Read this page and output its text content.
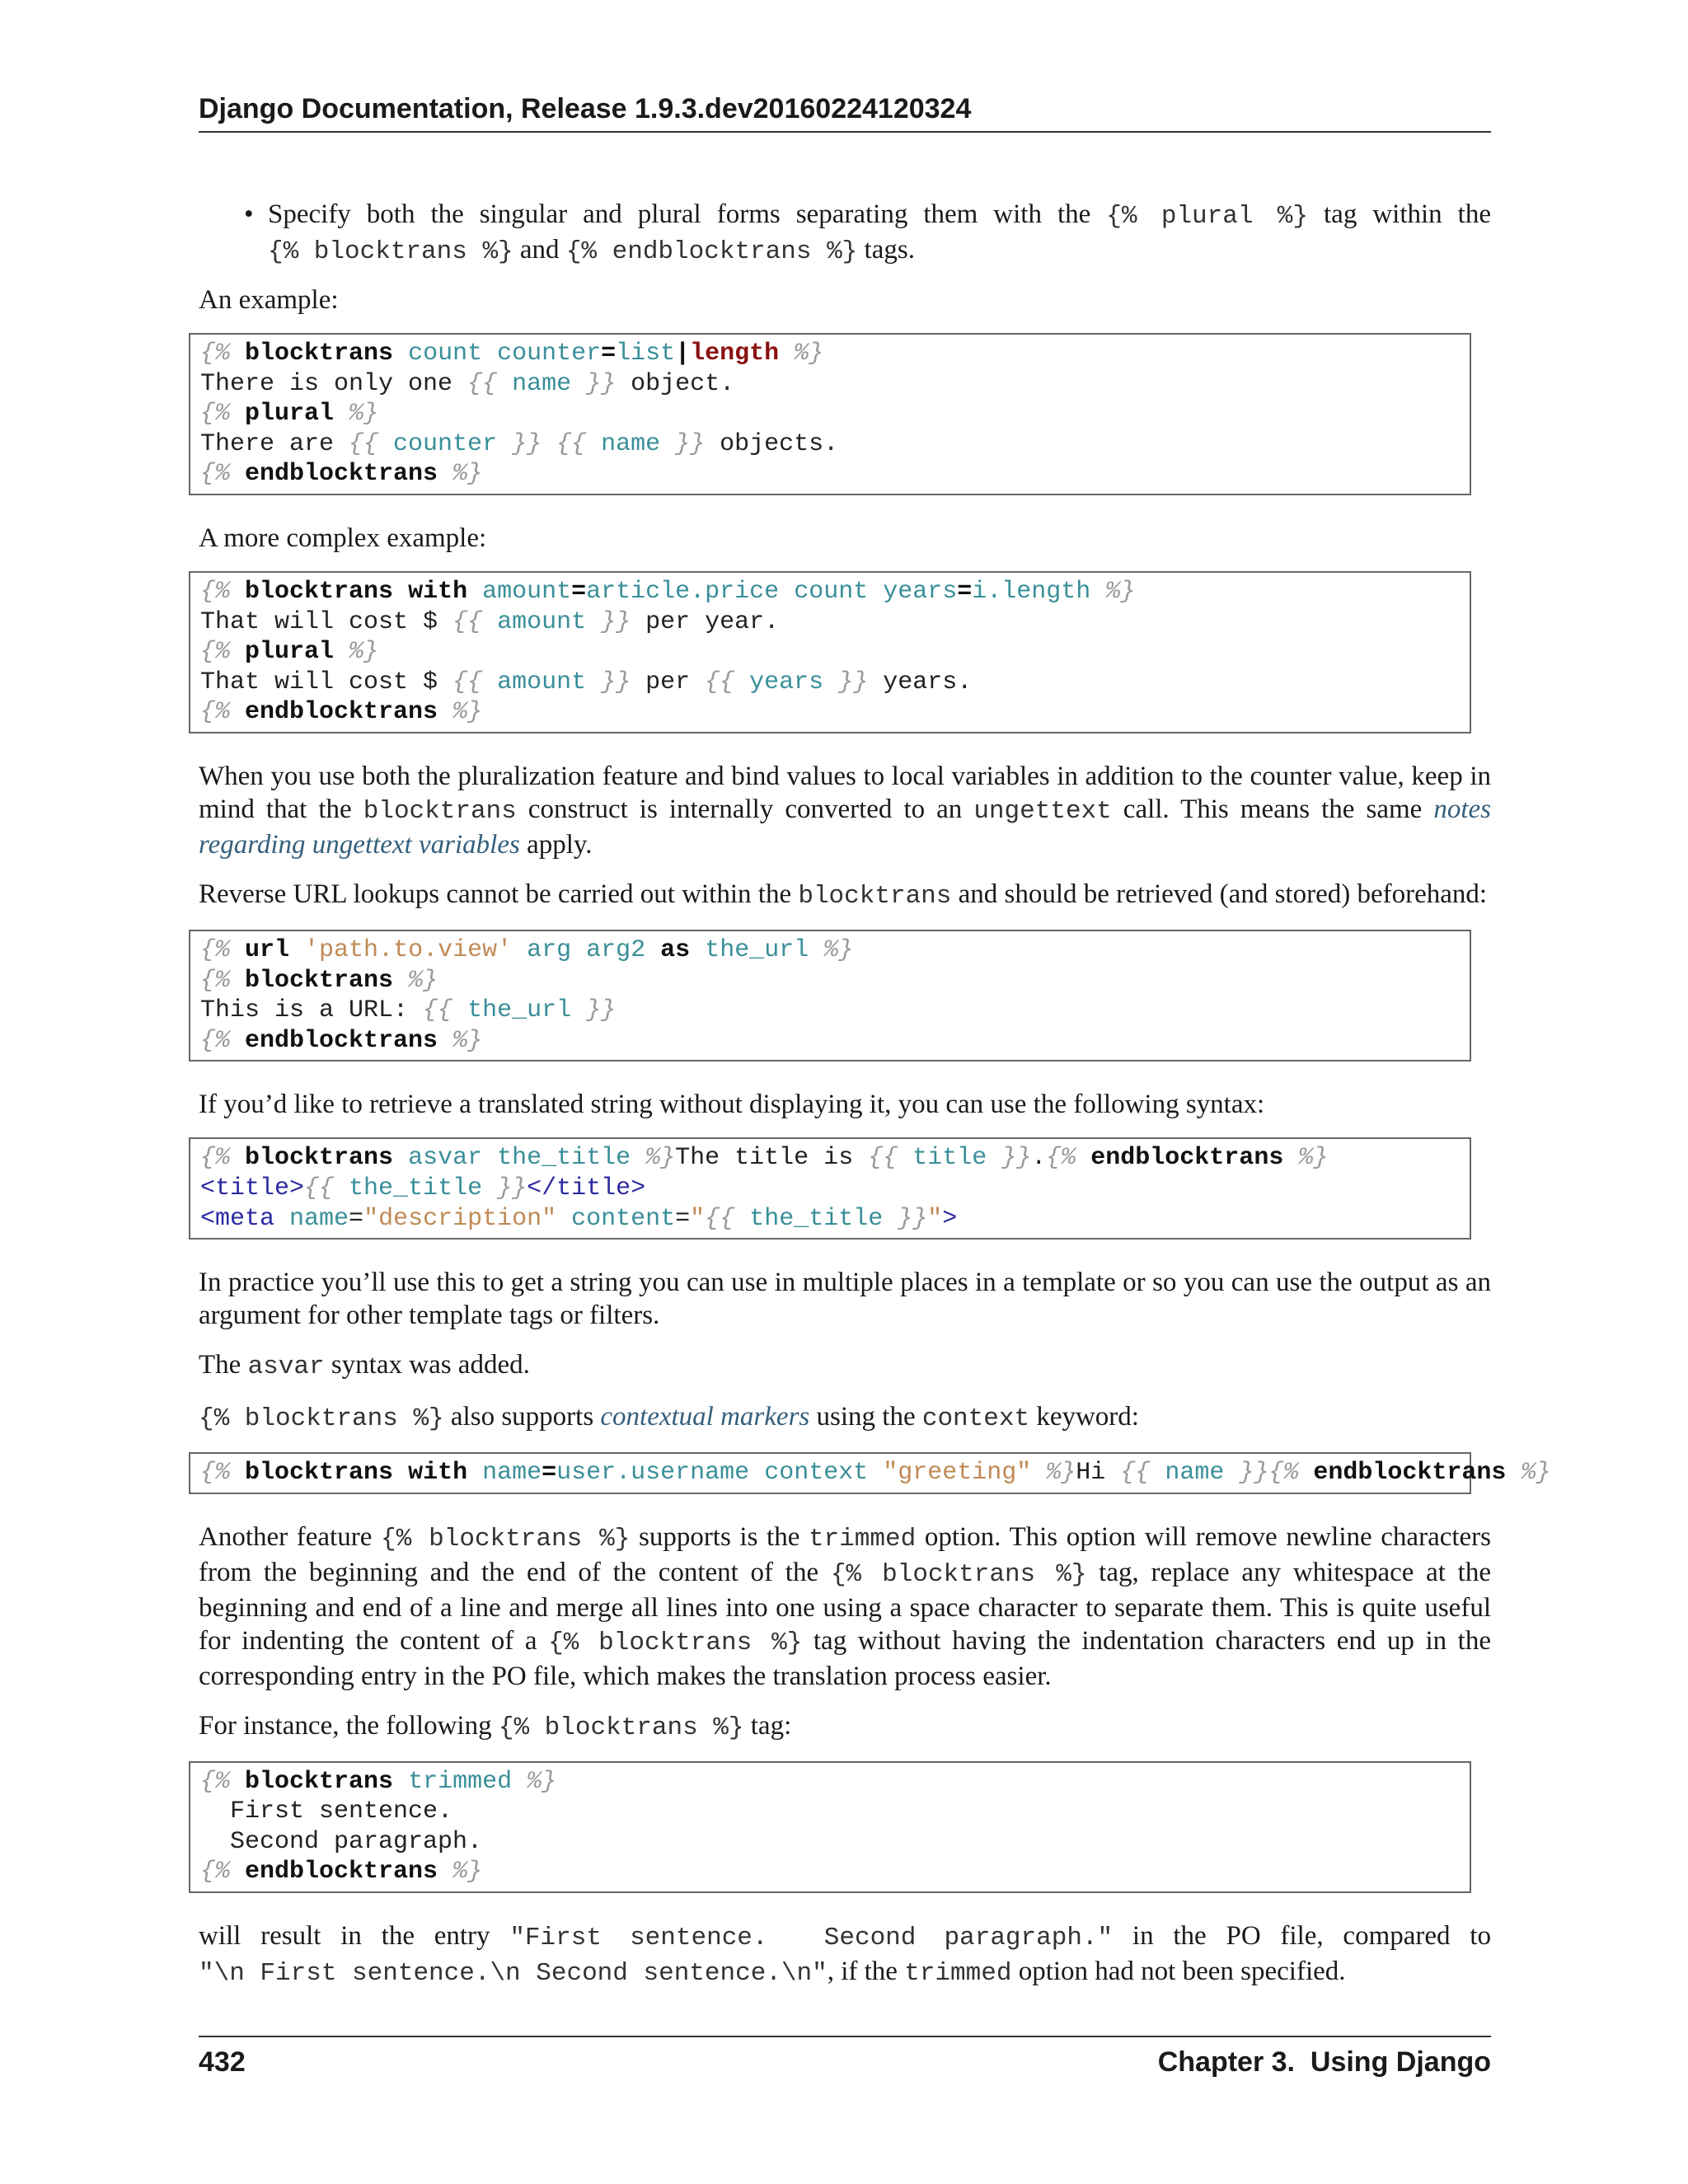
Django Documentation, Release 1.9.3.dev20160224120324
• Specify both the singular and plural forms separating them with the {% plural %} tag within the {% blocktrans %} and {% endblocktrans %} tags.

An example:

{% blocktrans count counter=list|length %}
There is only one {{ name }} object.
{% plural %}
There are {{ counter }} {{ name }} objects.
{% endblocktrans %}

A more complex example:

{% blocktrans with amount=article.price count years=i.length %}
That will cost $ {{ amount }} per year.
{% plural %}
That will cost $ {{ amount }} per {{ years }} years.
{% endblocktrans %}

When you use both the pluralization feature and bind values to local variables in addition to the counter value, keep in mind that the blocktrans construct is internally converted to an ungettext call. This means the same notes regarding ungettext variables apply.

Reverse URL lookups cannot be carried out within the blocktrans and should be retrieved (and stored) beforehand:

{% url 'path.to.view' arg arg2 as the_url %}
{% blocktrans %}
This is a URL: {{ the_url }}
{% endblocktrans %}

If you’d like to retrieve a translated string without displaying it, you can use the following syntax:

{% blocktrans asvar the_title %}The title is {{ title }}.{% endblocktrans %}
<title>{{ the_title }}</title>
<meta name="description" content="{{ the_title }}">

In practice you’ll use this to get a string you can use in multiple places in a template or so you can use the output as an argument for other template tags or filters.

The asvar syntax was added.

{% blocktrans %} also supports contextual markers using the context keyword:

{% blocktrans with name=user.username context "greeting" %}Hi {{ name }}{% endblocktrans %}

Another feature {% blocktrans %} supports is the trimmed option. This option will remove newline characters from the beginning and the end of the content of the {% blocktrans %} tag, replace any whitespace at the beginning and end of a line and merge all lines into one using a space character to separate them. This is quite useful for indenting the content of a {% blocktrans %} tag without having the indentation characters end up in the corresponding entry in the PO file, which makes the translation process easier.

For instance, the following {% blocktrans %} tag:

{% blocktrans trimmed %}
First sentence.
Second paragraph.
{% endblocktrans %}

will result in the entry "First sentence.  Second paragraph." in the PO file, compared to "\n First sentence.\n Second sentence.\n", if the trimmed option had not been specified.

432	Chapter 3.  Using Django
